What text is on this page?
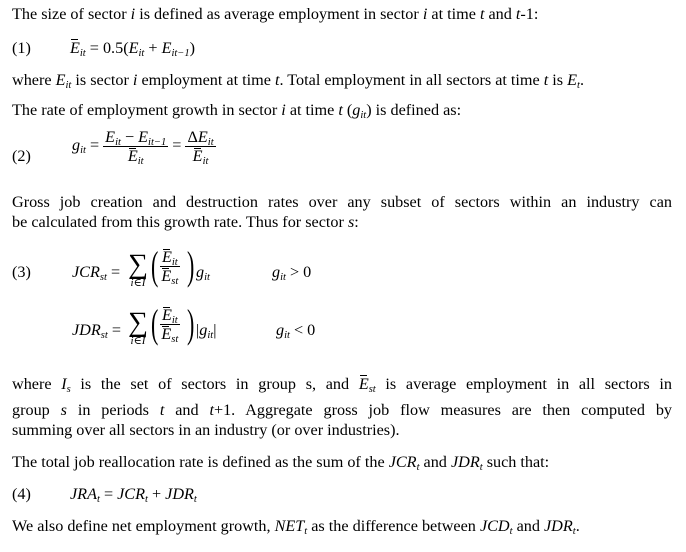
The size of sector i is defined as average employment in sector i at time t and t-1:
(1) $E_{it} = 0.5(E_{it} + E_{it-1})$
where $E_{it}$ is sector i employment at time t. Total employment in all sectors at time t is $E_t$.
The rate of employment growth in sector i at time t $(g_{it})$ is defined as:
(2)
$g_{it} = \frac{E_{it} - E_{it-1}}{E_{it}} = \frac{\Delta E_{it}}{E_{it}}$
Gross job creation and destruction rates over any subset of sectors within an industry can
be calculated from this growth rate. Thus for sector s:
(3)	$JCR_{st}$ = ∑
i∈I ( $\frac{E_{it}}{E_{st}}$ ) $g_{it}$	$g_{it} > 0$
$JDR_{st}$ = ∑
i∈I ( $\frac{E_{it}}{E_{st}}$ ) $|g_{it}|$	$g_{it} < 0$
where $I_s$ is the set of sectors in group s, and $E_{st}$ is average employment in all sectors in
group s in periods t and t+1. Aggregate gross job flow measures are then computed by
summing over all sectors in an industry (or over industries).
The total job reallocation rate is defined as the sum of the $JCR_t$ and $JDR_t$ such that:
(4) $JRA_t = JCR_t + JDR_t$
We also define net employment growth, $NET_t$ as the difference between $JCD_t$ and $JDR_t$.
